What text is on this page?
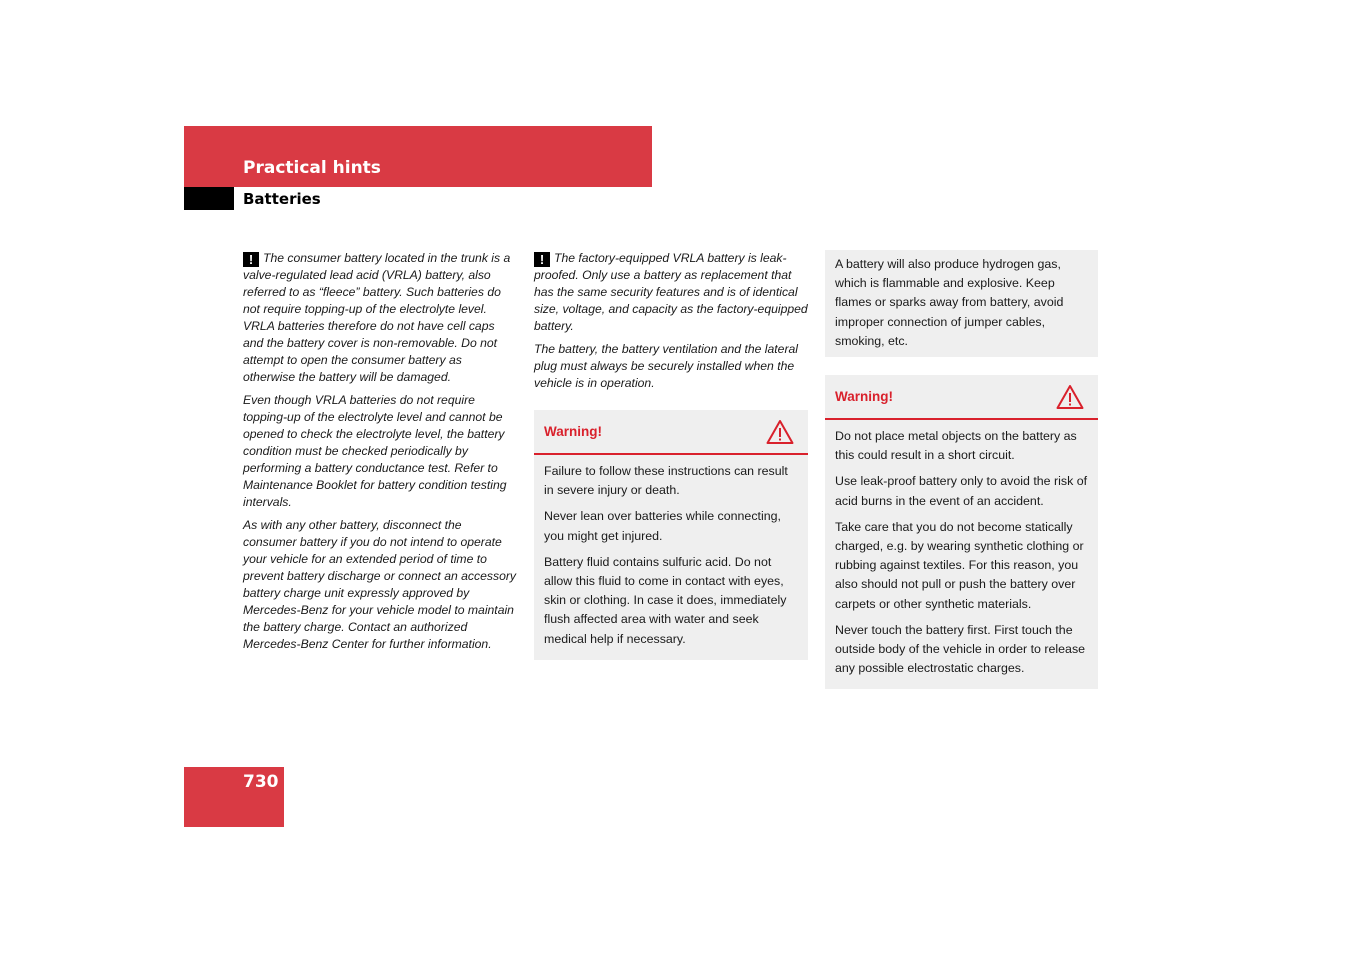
Practical hints
Batteries

! The consumer battery located in the trunk is a valve-regulated lead acid (VRLA) battery, also referred to as “fleece” battery. Such batteries do not require topping-up of the electrolyte level. VRLA batteries therefore do not have cell caps and the battery cover is non-removable. Do not attempt to open the consumer battery as otherwise the battery will be damaged.

Even though VRLA batteries do not require topping-up of the electrolyte level and cannot be opened to check the electrolyte level, the battery condition must be checked periodically by performing a battery conductance test. Refer to Maintenance Booklet for battery condition testing intervals.

As with any other battery, disconnect the consumer battery if you do not intend to operate your vehicle for an extended period of time to prevent battery discharge or connect an accessory battery charge unit expressly approved by Mercedes-Benz for your vehicle model to maintain the battery charge. Contact an authorized Mercedes-Benz Center for further information.

! The factory-equipped VRLA battery is leak-proofed. Only use a battery as replacement that has the same security features and is of identical size, voltage, and capacity as the factory-equipped battery.

The battery, the battery ventilation and the lateral plug must always be securely installed when the vehicle is in operation.

Warning!

Failure to follow these instructions can result in severe injury or death.

Never lean over batteries while connecting, you might get injured.

Battery fluid contains sulfuric acid. Do not allow this fluid to come in contact with eyes, skin or clothing. In case it does, immediately flush affected area with water and seek medical help if necessary.

A battery will also produce hydrogen gas, which is flammable and explosive. Keep flames or sparks away from battery, avoid improper connection of jumper cables, smoking, etc.

Warning!

Do not place metal objects on the battery as this could result in a short circuit.

Use leak-proof battery only to avoid the risk of acid burns in the event of an accident.

Take care that you do not become statically charged, e.g. by wearing synthetic clothing or rubbing against textiles. For this reason, you also should not pull or push the battery over carpets or other synthetic materials.

Never touch the battery first. First touch the outside body of the vehicle in order to release any possible electrostatic charges.

730
